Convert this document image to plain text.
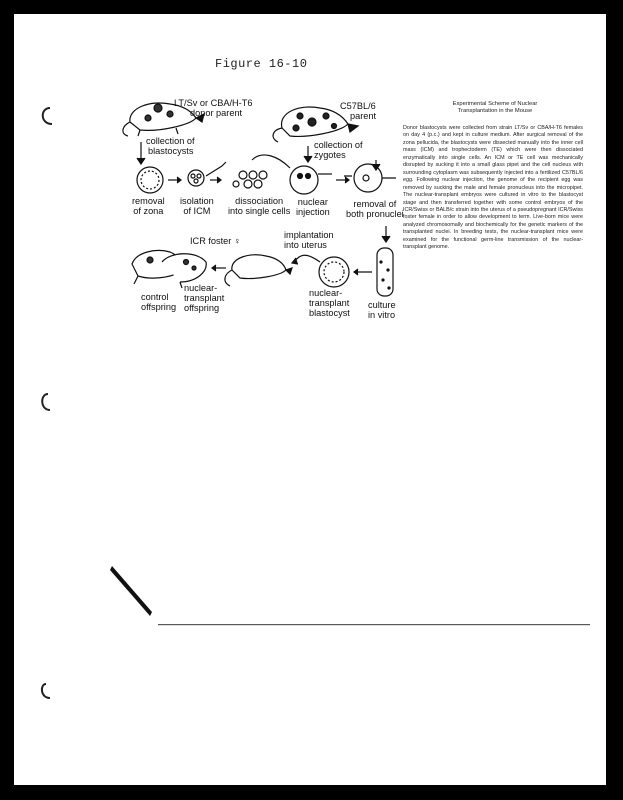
Figure 16-10
LT/Sv or CBA/H-T6
donor parent
C57BL/6
parent
collection of
blastocysts
collection of
zygotes
removal
of zona
isolation
of ICM
dissociation
into single cells
nuclear
injection
removal of
both pronuclei
ICR foster ♀
implantation
into uterus
control
offspring
nuclear-
transplant
offspring
nuclear-
transplant
blastocyst
culture
in vitro
Experimental Scheme of Nuclear
Transplantation in the Mouse
Donor blastocysts were collected from strain LT/Sv or CBA/H-T6 females on day 4 (p.c.) and kept in culture medium. After surgical removal of the zona pellucida, the blastocysts were dissected manually into the inner cell mass (ICM) and trophectoderm (TE) which were then dissociated enzymatically into single cells. An ICM or TE cell was mechanically disrupted by sucking it into a small glass pipet and the cell nucleus with surrounding cytoplasm was subsequently injected into a fertilized C57BL/6 egg. Following nuclear injection, the genome of the recipient egg was removed by sucking the male and female pronucleus into the micropipet. The nuclear-transplant embryos were cultured in vitro to the blastocyst stage and then transferred together with some control embryos of the ICR/Swiss or BALB/c strain into the uterus of a pseudopregnant ICR/Swiss foster female in order to allow development to term. Live-born mice were analyzed chromosomally and biochemically for the genetic markers of the transplanted nuclei. In breeding tests, the nuclear-transplant mice were examined for the functional germ-line transmission of the nuclear-transplant genome.
